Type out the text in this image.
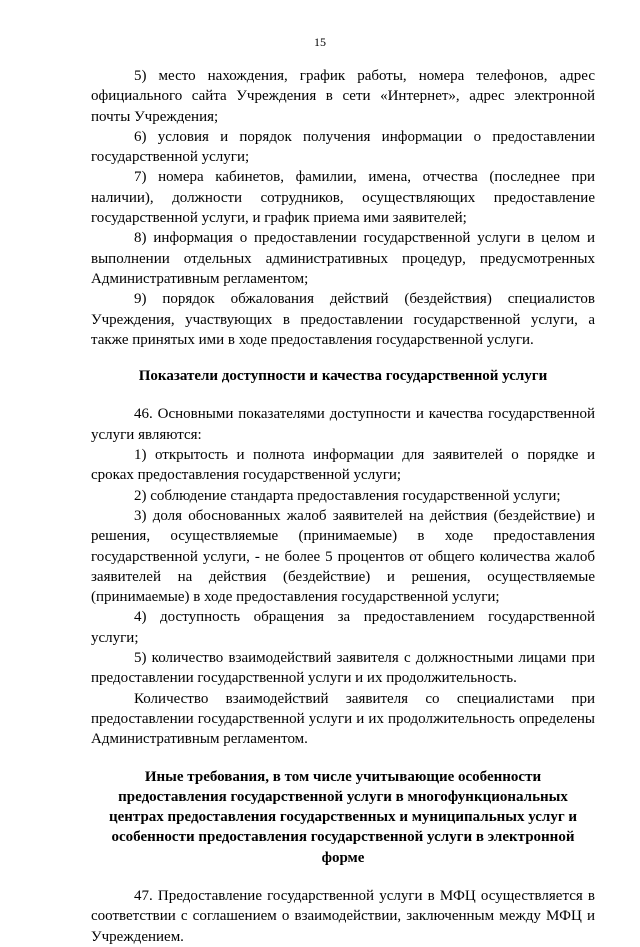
15

5) место нахождения, график работы, номера телефонов, адрес официального сайта Учреждения в сети «Интернет», адрес электронной почты Учреждения;

6) условия и порядок получения информации о предоставлении государственной услуги;

7) номера кабинетов, фамилии, имена, отчества (последнее при наличии), должности сотрудников, осуществляющих предоставление государственной услуги, и график приема ими заявителей;

8) информация о предоставлении государственной услуги в целом и выполнении отдельных административных процедур, предусмотренных Административным регламентом;

9) порядок обжалования действий (бездействия) специалистов Учреждения, участвующих в предоставлении государственной услуги, а также принятых ими в ходе предоставления государственной услуги.

Показатели доступности и качества государственной услуги

46. Основными показателями доступности и качества государственной услуги являются:

1) открытость и полнота информации для заявителей о порядке и сроках предоставления государственной услуги;

2) соблюдение стандарта предоставления государственной услуги;

3) доля обоснованных жалоб заявителей на действия (бездействие) и решения, осуществляемые (принимаемые) в ходе предоставления государственной услуги, - не более 5 процентов от общего количества жалоб заявителей на действия (бездействие) и решения, осуществляемые (принимаемые) в ходе предоставления государственной услуги;

4) доступность обращения за предоставлением государственной услуги;

5) количество взаимодействий заявителя с должностными лицами при предоставлении государственной услуги и их продолжительность.

Количество взаимодействий заявителя со специалистами при предоставлении государственной услуги и их продолжительность определены Административным регламентом.

Иные требования, в том числе учитывающие особенности предоставления государственной услуги в многофункциональных центрах предоставления государственных и муниципальных услуг и особенности предоставления государственной услуги в электронной форме

47. Предоставление государственной услуги в МФЦ осуществляется в соответствии с соглашением о взаимодействии, заключенным между МФЦ и Учреждением.
